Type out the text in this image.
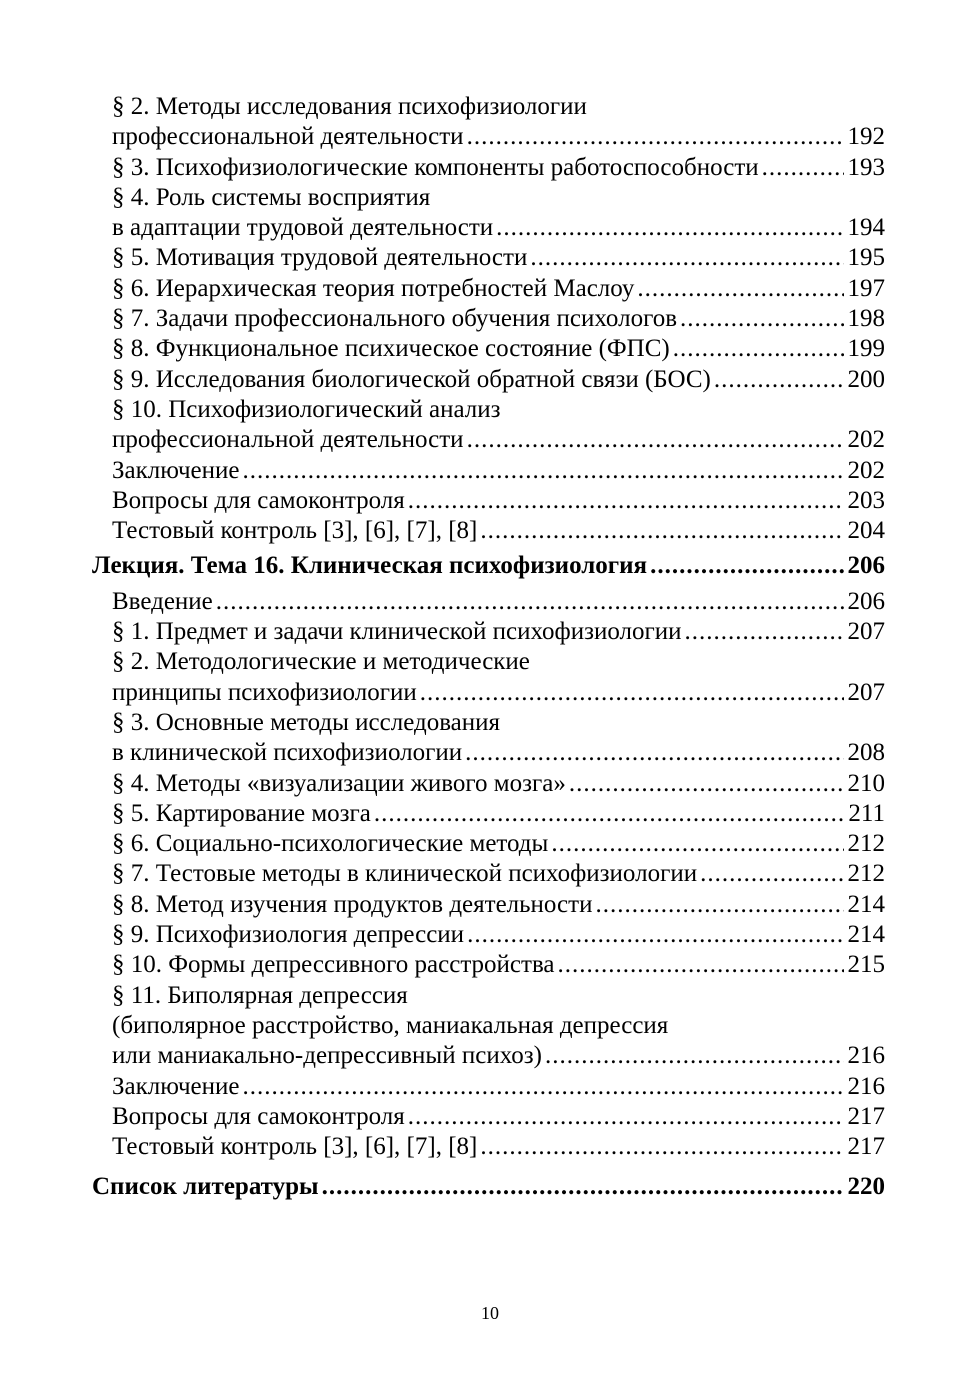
§ 2. Методы исследования психофизиологии
профессиональной деятельности .....	192
§ 3. Психофизиологические компоненты работоспособности .....	193
§ 4. Роль системы восприятия
в адаптации трудовой деятельности .....	194
§ 5. Мотивация трудовой деятельности .....	195
§ 6. Иерархическая теория потребностей Маслоу .....	197
§ 7. Задачи профессионального обучения психологов .....	198
§ 8. Функциональное психическое состояние (ФПС) .....	199
§ 9. Исследования биологической обратной связи (БОС) .....	200
§ 10. Психофизиологический анализ
профессиональной деятельности .....	202
Заключение .....	202
Вопросы для самоконтроля .....	203
Тестовый контроль [3], [6], [7], [8] .....	204
Лекция. Тема 16. Клиническая психофизиология .....	206
Введение .....	206
§ 1. Предмет и задачи клинической психофизиологии .....	207
§ 2. Методологические и методические
принципы психофизиологии .....	207
§ 3. Основные методы исследования
в клинической психофизиологии .....	208
§ 4. Методы «визуализации живого мозга» .....	210
§ 5. Картирование мозга .....	211
§ 6. Социально-психологические методы .....	212
§ 7. Тестовые методы в клинической психофизиологии .....	212
§ 8. Метод изучения продуктов деятельности .....	214
§ 9. Психофизиология депрессии .....	214
§ 10. Формы депрессивного расстройства .....	215
§ 11. Биполярная депрессия
(биполярное расстройство, маниакальная депрессия
или маниакально-депрессивный психоз) .....	216
Заключение .....	216
Вопросы для самоконтроля .....	217
Тестовый контроль [3], [6], [7], [8] .....	217
Список литературы .....	220
10
